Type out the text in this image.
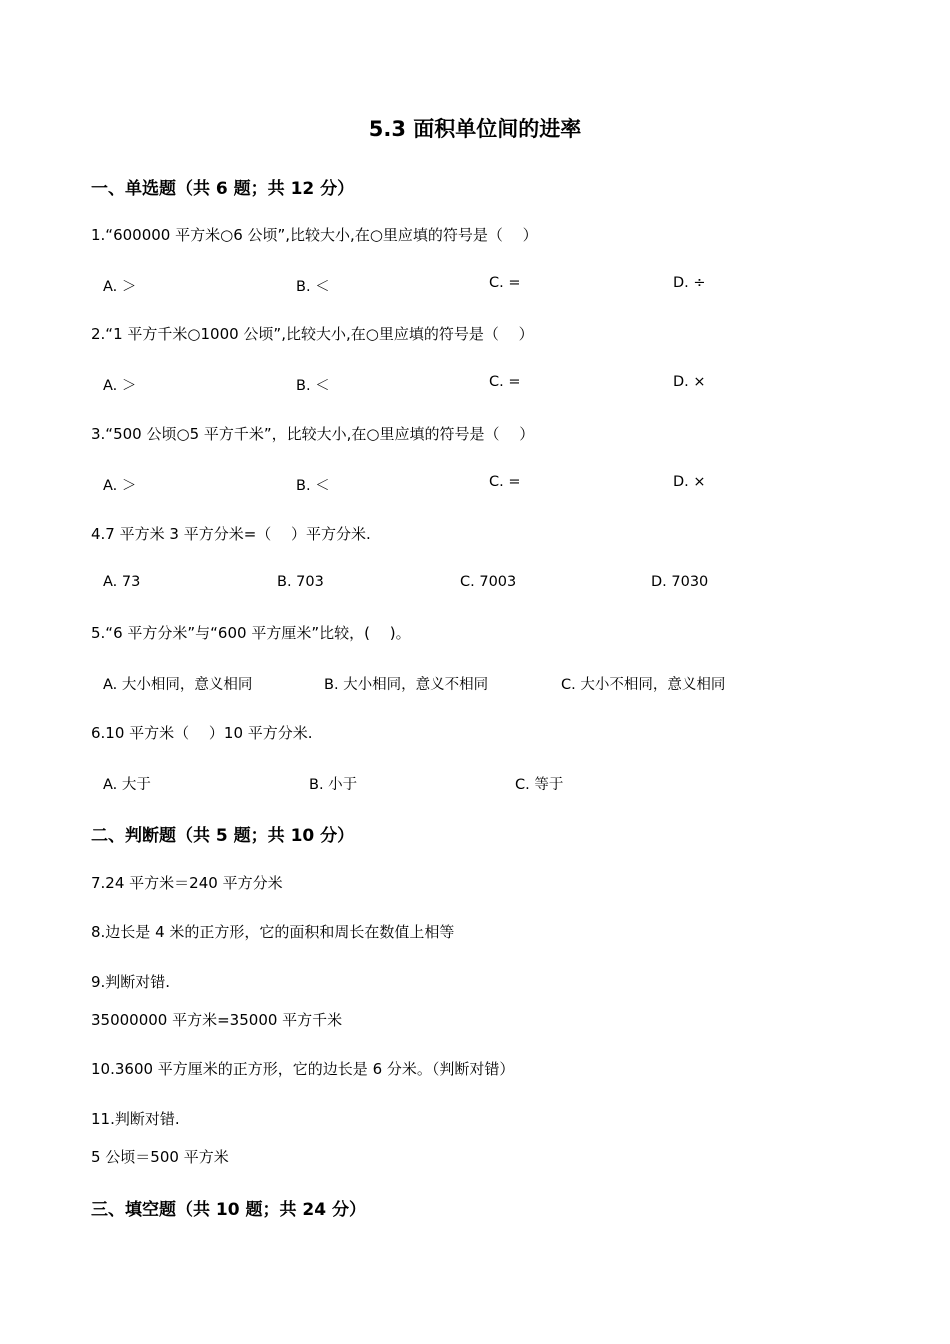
5.3 面积单位间的进率
一、单选题（共 6 题；共 12 分）
1.“600000 平方米○6 公顷”,比较大小,在○里应填的符号是（　 ）
A. ＞	B. ＜	C. =	D. ÷
2.“1 平方千米○1000 公顷”,比较大小,在○里应填的符号是（　 ）
A. ＞	B. ＜	C. =	D. ×
3.“500 公顷○5 平方千米”，比较大小,在○里应填的符号是（　 ）
A. ＞	B. ＜	C. =	D. ×
4.7 平方米 3 平方分米=（　 ）平方分米.
A. 73	B. 703	C. 7003	D. 7030
5.“6 平方分米”与“600 平方厘米”比较，(　 )。
A. 大小相同，意义相同	B. 大小相同，意义不相同	C. 大小不相同，意义相同
6.10 平方米（　 ）10 平方分米.
A. 大于	B. 小于	C. 等于
二、判断题（共 5 题；共 10 分）
7.24 平方米＝240 平方分米
8.边长是 4 米的正方形，它的面积和周长在数值上相等
9.判断对错.
35000000 平方米=35000 平方千米
10.3600 平方厘米的正方形，它的边长是 6 分米。（判断对错）
11.判断对错.
5 公顷＝500 平方米
三、填空题（共 10 题；共 24 分）
